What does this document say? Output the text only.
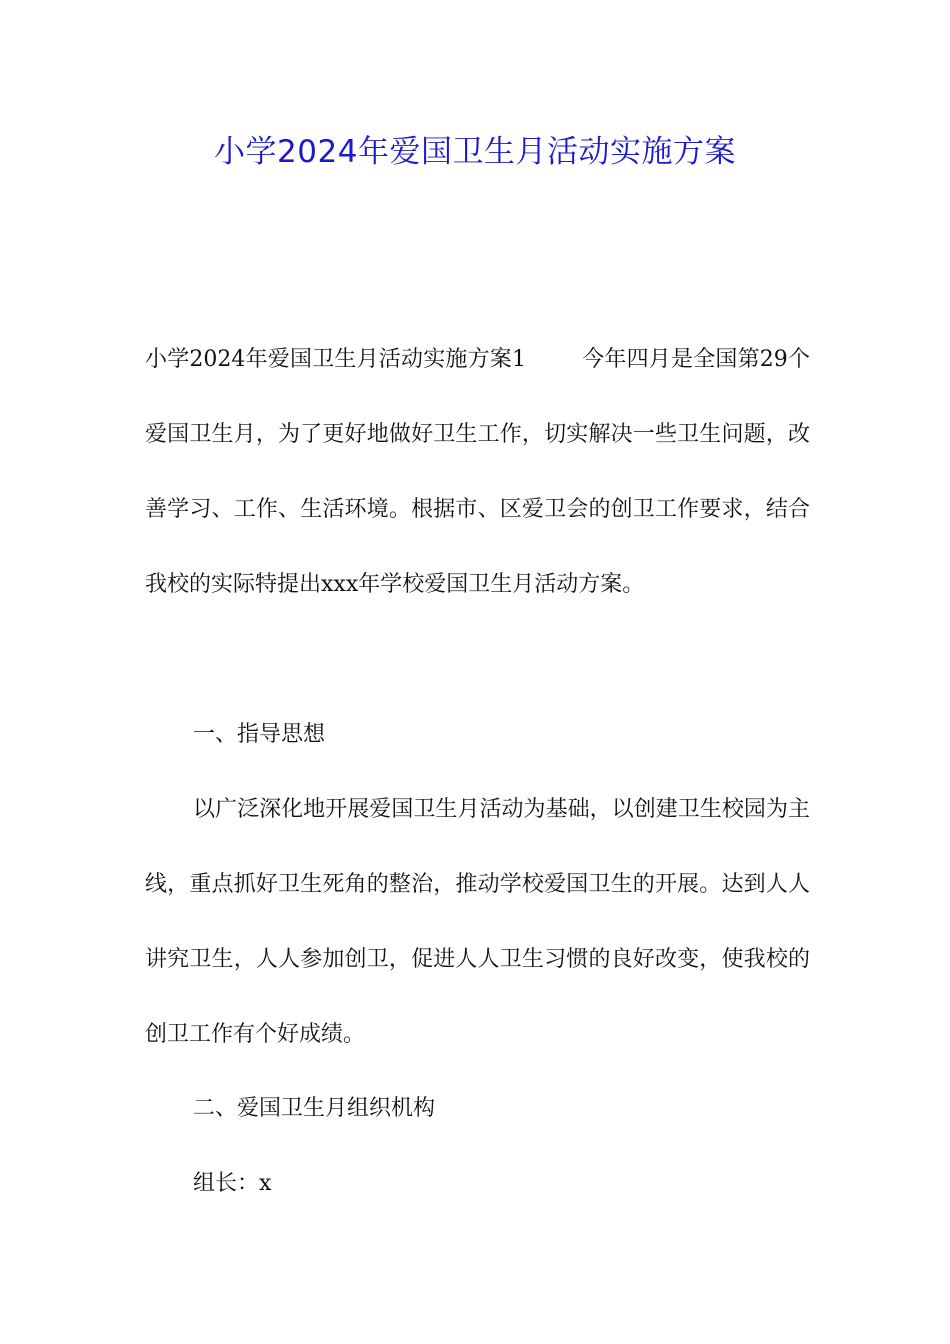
小学2024年爱国卫生月活动实施方案

小学2024年爱国卫生月活动实施方案1	今年四月是全国第29个爱国卫生月，为了更好地做好卫生工作，切实解决一些卫生问题，改善学习、工作、生活环境。根据市、区爱卫会的创卫工作要求，结合我校的实际特提出xxx年学校爱国卫生月活动方案。

一、指导思想

以广泛深化地开展爱国卫生月活动为基础，以创建卫生校园为主线，重点抓好卫生死角的整治，推动学校爱国卫生的开展。达到人人讲究卫生，人人参加创卫，促进人人卫生习惯的良好改变，使我校的创卫工作有个好成绩。

二、爱国卫生月组织机构

组长：x
